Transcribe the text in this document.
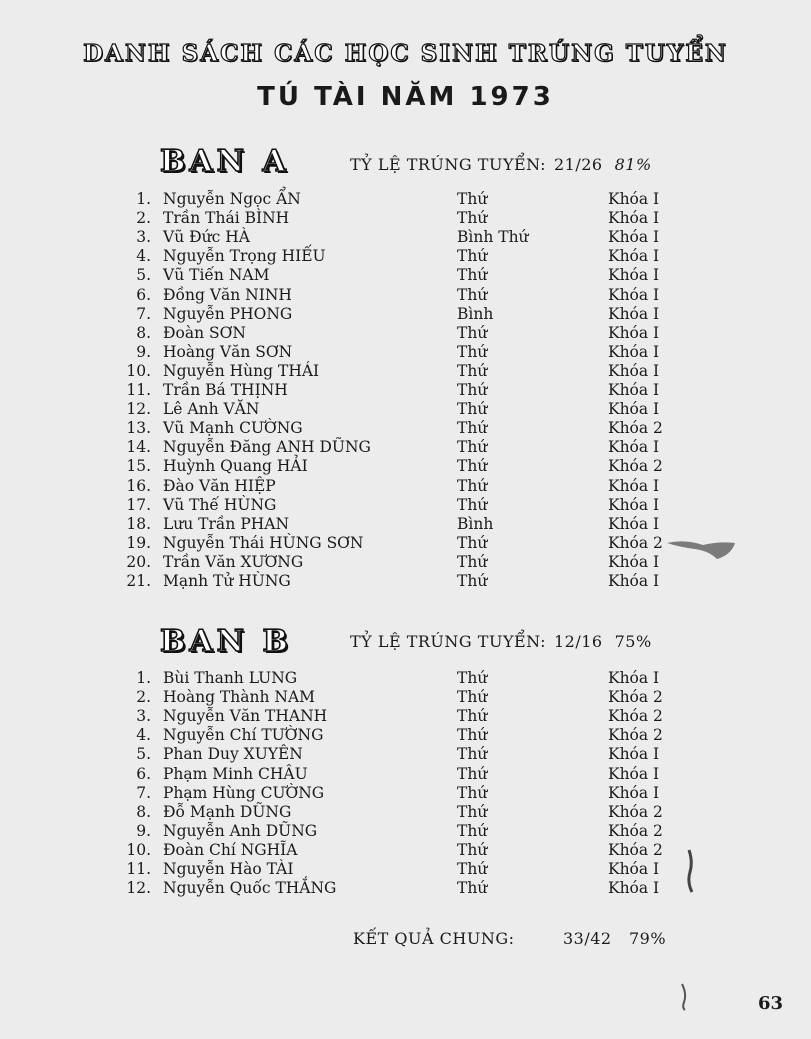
DANH SÁCH CÁC HỌC SINH TRÚNG TUYỂN
TÚ TÀI NĂM 1973
BAN A	TỶ LỆ TRÚNG TUYỂN: 21/26 81%
1. Nguyễn Ngọc ẨN	Thứ	Khóa I
2. Trần Thái BÌNH	Thứ	Khóa I
3. Vũ Đức HÀ	Bình Thứ	Khóa I
4. Nguyễn Trọng HIẾU	Thứ	Khóa I
5. Vũ Tiến NAM	Thứ	Khóa I
6. Đồng Văn NINH	Thứ	Khóa I
7. Nguyễn PHONG	Bình	Khóa I
8. Đoàn SƠN	Thứ	Khóa I
9. Hoàng Văn SƠN	Thứ	Khóa I
10. Nguyễn Hùng THÁI	Thứ	Khóa I
11. Trần Bá THỊNH	Thứ	Khóa I
12. Lê Anh VĂN	Thứ	Khóa I
13. Vũ Mạnh CƯỜNG	Thứ	Khóa 2
14. Nguyễn Đăng ANH DŨNG	Thứ	Khóa I
15. Huỳnh Quang HẢI	Thứ	Khóa 2
16. Đào Văn HIỆP	Thứ	Khóa I
17. Vũ Thế HÙNG	Thứ	Khóa I
18. Lưu Trần PHAN	Bình	Khóa I
19. Nguyễn Thái HÙNG SƠN	Thứ	Khóa 2
20. Trần Văn XƯƠNG	Thứ	Khóa I
21. Mạnh Tử HÙNG	Thứ	Khóa I
BAN B	TỶ LỆ TRÚNG TUYỂN: 12/16 75%
1. Bùi Thanh LUNG	Thứ	Khóa I
2. Hoàng Thành NAM	Thứ	Khóa 2
3. Nguyễn Văn THANH	Thứ	Khóa 2
4. Nguyễn Chí TƯỜNG	Thứ	Khóa 2
5. Phan Duy XUYÊN	Thứ	Khóa I
6. Phạm Minh CHÂU	Thứ	Khóa I
7. Phạm Hùng CƯỜNG	Thứ	Khóa I
8. Đỗ Mạnh DŨNG	Thứ	Khóa 2
9. Nguyễn Anh DŨNG	Thứ	Khóa 2
10. Đoàn Chí NGHĨA	Thứ	Khóa 2
11. Nguyễn Hào TÀI	Thứ	Khóa I
12. Nguyễn Quốc THẮNG	Thứ	Khóa I
KẾT QUẢ CHUNG:	33/42 79%
63
